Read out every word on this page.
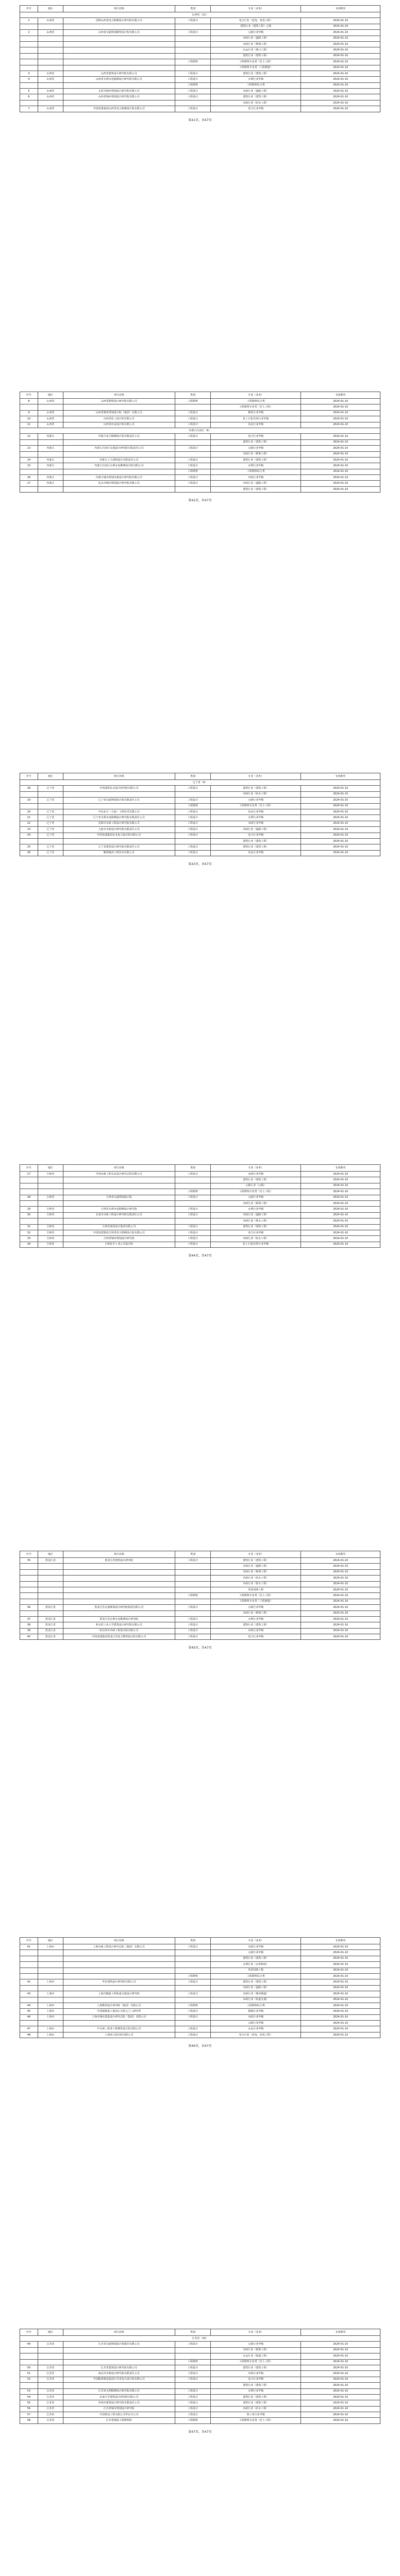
序号	地区	单位名称	类别	专业（业务）	有效期至
山西省（11）					
1	山西省	国网山西省电力勘测设计研究院有限公司	工程设计	电力行业（送电、变电工程）	2024-01-10
				建筑行业（建筑工程）乙级	2024-01-10
2	山西省	山西省交通规划勘察设计院有限公司	工程设计	公路行业甲级	2024-01-10
				市政行业（道路工程）	2024-01-10
				市政行业（桥梁工程）	2024-01-10
				水运行业（港口工程）	2024-01-10
				建筑行业（建筑工程）	2024-01-10
			工程勘察	工程勘察专业类（岩土工程）	2024-01-10
				工程勘察专业类（工程测量）	2024-01-10
3	山西省	山西省建筑设计研究院有限公司	工程设计	建筑行业（建筑工程）	2024-01-10
4	山西省	山西省水利水电勘测设计研究院有限公司	工程设计	水利行业甲级	2024-01-10
			工程勘察	工程勘察综合类	2024-01-10
5	山西省	太原市城乡规划设计研究院有限公司	工程设计	市政行业（道路工程）	2024-01-10
6	山西省	山西省城乡规划设计研究院有限公司	工程设计	建筑行业（建筑工程）	2024-01-10
				市政行业（给水工程）	2024-01-10
7	山西省	中国电建集团山西省电力勘测设计院有限公司	工程设计	电力行业甲级	2024-01-10
第41页，共47页
序号	地区	单位名称	类别	专业（业务）	有效期至
8	山西省	山西省勘察设计研究院有限公司	工程勘察	工程勘察综合类	2024-01-10
				工程勘察专业类（岩土工程）	2024-01-10
9	山西省	山西省煤炭规划设计院（集团）有限公司	工程设计	煤炭行业甲级	2024-01-10
10	山西省	山西省化工设计院有限公司	工程设计	化工石化医药行业甲级	2024-01-10
11	山西省	山西省冶金设计院有限公司	工程设计	冶金行业甲级	2024-01-10
内蒙古自治区（6）					
12	内蒙古	内蒙古电力勘测设计院有限责任公司	工程设计	电力行业甲级	2024-01-10
				建筑行业（建筑工程）	2024-01-10
13	内蒙古	内蒙古自治区交通设计研究院有限责任公司	工程设计	公路行业甲级	2024-01-10
				市政行业（桥梁工程）	2024-01-10
14	内蒙古	内蒙古工大建筑设计有限责任公司	工程设计	建筑行业（建筑工程）	2024-01-10
15	内蒙古	内蒙古自治区水利水电勘测设计院有限公司	工程设计	水利行业甲级	2024-01-10
			工程勘察	工程勘察综合类	2024-01-10
16	内蒙古	内蒙古城市规划市政设计研究院有限公司	工程设计	市政行业甲级	2024-01-10
17	内蒙古	包头市城市规划设计研究院有限公司	工程设计	市政行业（道路工程）	2024-01-10
				建筑行业（建筑工程）	2024-01-10
第42页，共47页
序号	地区	单位名称	类别	专业（业务）	有效期至
辽宁省（9）					
18	辽宁省	中国建筑东北设计研究院有限公司	工程设计	建筑行业（建筑工程）	2024-01-10
				市政行业（给水工程）	2024-01-10
19	辽宁省	辽宁省交通规划设计院有限责任公司	工程设计	公路行业甲级	2024-01-10
			工程勘察	工程勘察专业类（岩土工程）	2024-01-10
20	辽宁省	中冶北方（大连）工程技术有限公司	工程设计	冶金行业甲级	2024-01-10
21	辽宁省	辽宁省水利水电勘测设计研究院有限责任公司	工程设计	水利行业甲级	2024-01-10
22	辽宁省	沈阳市市政工程设计研究院有限公司	工程设计	市政行业甲级	2024-01-10
23	辽宁省	大连市市政设计研究院有限责任公司	工程设计	市政行业（道路工程）	2024-01-10
24	辽宁省	中国电建集团东北电力设计院有限公司	工程设计	电力行业甲级	2024-01-10
				建筑行业（建筑工程）	2024-01-10
25	辽宁省	辽宁省建筑设计研究院有限责任公司	工程设计	建筑行业（建筑工程）	2024-01-10
26	辽宁省	鞍钢集团工程技术有限公司	工程设计	冶金行业甲级	2024-01-10
第43页，共47页
序号	地区	单位名称	类别	专业（业务）	有效期至
27	吉林省	中国市政工程东北设计研究总院有限公司	工程设计	市政行业甲级	2024-01-10
				建筑行业（建筑工程）	2024-01-10
				公路行业（公路）	2024-01-10
			工程勘察	工程勘察专业类（岩土工程）	2024-01-10
28	吉林省	吉林省交通规划设计院	工程设计	公路行业甲级	2024-01-10
				市政行业（桥梁工程）	2024-01-10
29	吉林省	吉林省水利水电勘测设计研究院	工程设计	水利行业甲级	2024-01-10
30	吉林省	长春市市政工程设计研究院有限责任公司	工程设计	市政行业（道路工程）	2024-01-10
				市政行业（排水工程）	2024-01-10
31	吉林省	吉林省建苑设计集团有限公司	工程设计	建筑行业（建筑工程）	2024-01-10
32	吉林省	中国电建集团吉林省电力勘测设计院有限公司	工程设计	电力行业甲级	2024-01-10
33	吉林省	吉林省城乡规划设计研究院	工程设计	市政行业（给水工程）	2024-01-10
34	吉林省	吉林化学工业公司设计院	工程设计	化工石化医药行业甲级	2024-01-10
第44页，共47页
序号	地区	单位名称	类别	专业（业务）	有效期至
35	黑龙江省	黑龙江省建筑设计研究院	工程设计	建筑行业（建筑工程）	2024-01-10
				市政行业（道路工程）	2024-01-10
				市政行业（桥梁工程）	2024-01-10
				市政行业（给水工程）	2024-01-10
				市政行业（排水工程）	2024-01-10
				风景园林工程	2024-01-10
			工程勘察	工程勘察专业类（岩土工程）	2024-01-10
				工程勘察专业类（工程测量）	2024-01-10
36	黑龙江省	黑龙江省交通规划设计研究院集团有限公司	工程设计	公路行业甲级	2024-01-10
				市政行业（桥梁工程）	2024-01-10
37	黑龙江省	黑龙江省水利水电勘测设计研究院	工程设计	水利行业甲级	2024-01-10
38	黑龙江省	哈尔滨工业大学建筑设计研究院有限公司	工程设计	建筑行业（建筑工程）	2024-01-10
39	黑龙江省	哈尔滨市市政工程设计院有限公司	工程设计	市政行业甲级	2024-01-10
40	黑龙江省	中国电建集团黑龙江省电力勘察设计院有限公司	工程设计	电力行业甲级	2024-01-10
第45页，共47页
序号	地区	单位名称	类别	专业（业务）	有效期至
41	上海市	上海市政工程设计研究总院（集团）有限公司	工程设计	市政行业甲级	2024-01-10
				公路行业甲级	2024-01-10
				建筑行业（建筑工程）	2024-01-10
				水利行业（水库枢纽）	2024-01-10
				风景园林工程	2024-01-10
			工程勘察	工程勘察综合类	2024-01-10
42	上海市	华东建筑设计研究院有限公司	工程设计	建筑行业（建筑工程）	2024-01-10
				市政行业（道路工程）	2024-01-10
43	上海市	上海市隧道工程轨道交通设计研究院	工程设计	市政行业（城市隧道）	2024-01-10
				市政行业（轨道交通）	2024-01-10
44	上海市	上海勘察设计研究院（集团）有限公司	工程勘察	工程勘察综合类	2024-01-10
45	上海市	中国船舶重工集团公司第七〇八研究所	工程设计	船舶行业甲级	2024-01-10
46	上海市	上海市城市建设设计研究总院（集团）有限公司	工程设计	市政行业甲级	2024-01-10
				公路行业甲级	2024-01-10
47	上海市	中交第三航务工程勘察设计院有限公司	工程设计	水运行业甲级	2024-01-10
48	上海市	上海电力设计院有限公司	工程设计	电力行业（送电、变电工程）	2024-01-10
第46页，共47页
序号	地区	单位名称	类别	专业（业务）	有效期至
江苏省（10）					
49	江苏省	江苏省交通规划设计院股份有限公司	工程设计	公路行业甲级	2024-01-10
				市政行业（桥梁工程）	2024-01-10
				水运行业（航道工程）	2024-01-10
			工程勘察	工程勘察专业类（岩土工程）	2024-01-10
50	江苏省	江苏省建筑设计研究院有限公司	工程设计	建筑行业（建筑工程）	2024-01-10
51	江苏省	南京市市政设计研究院有限责任公司	工程设计	市政行业甲级	2024-01-10
52	江苏省	中国能源建设集团江苏省电力设计院有限公司	工程设计	电力行业甲级	2024-01-10
				建筑行业（建筑工程）	2024-01-10
53	江苏省	江苏省水利勘测设计研究院有限公司	工程设计	水利行业甲级	2024-01-10
54	江苏省	东南大学建筑设计研究院有限公司	工程设计	建筑行业（建筑工程）	2024-01-10
55	江苏省	苏州市建筑设计研究院有限责任公司	工程设计	建筑行业（建筑工程）	2024-01-10
56	江苏省	江苏省城市规划设计研究院	工程设计	市政行业（给水工程）	2024-01-10
57	江苏省	中国核电工程有限公司华东分公司	工程设计	核工业行业甲级	2024-01-10
58	江苏省	江苏省地质工程勘察院	工程勘察	工程勘察专业类（岩土工程）	2024-01-10
第47页，共47页
